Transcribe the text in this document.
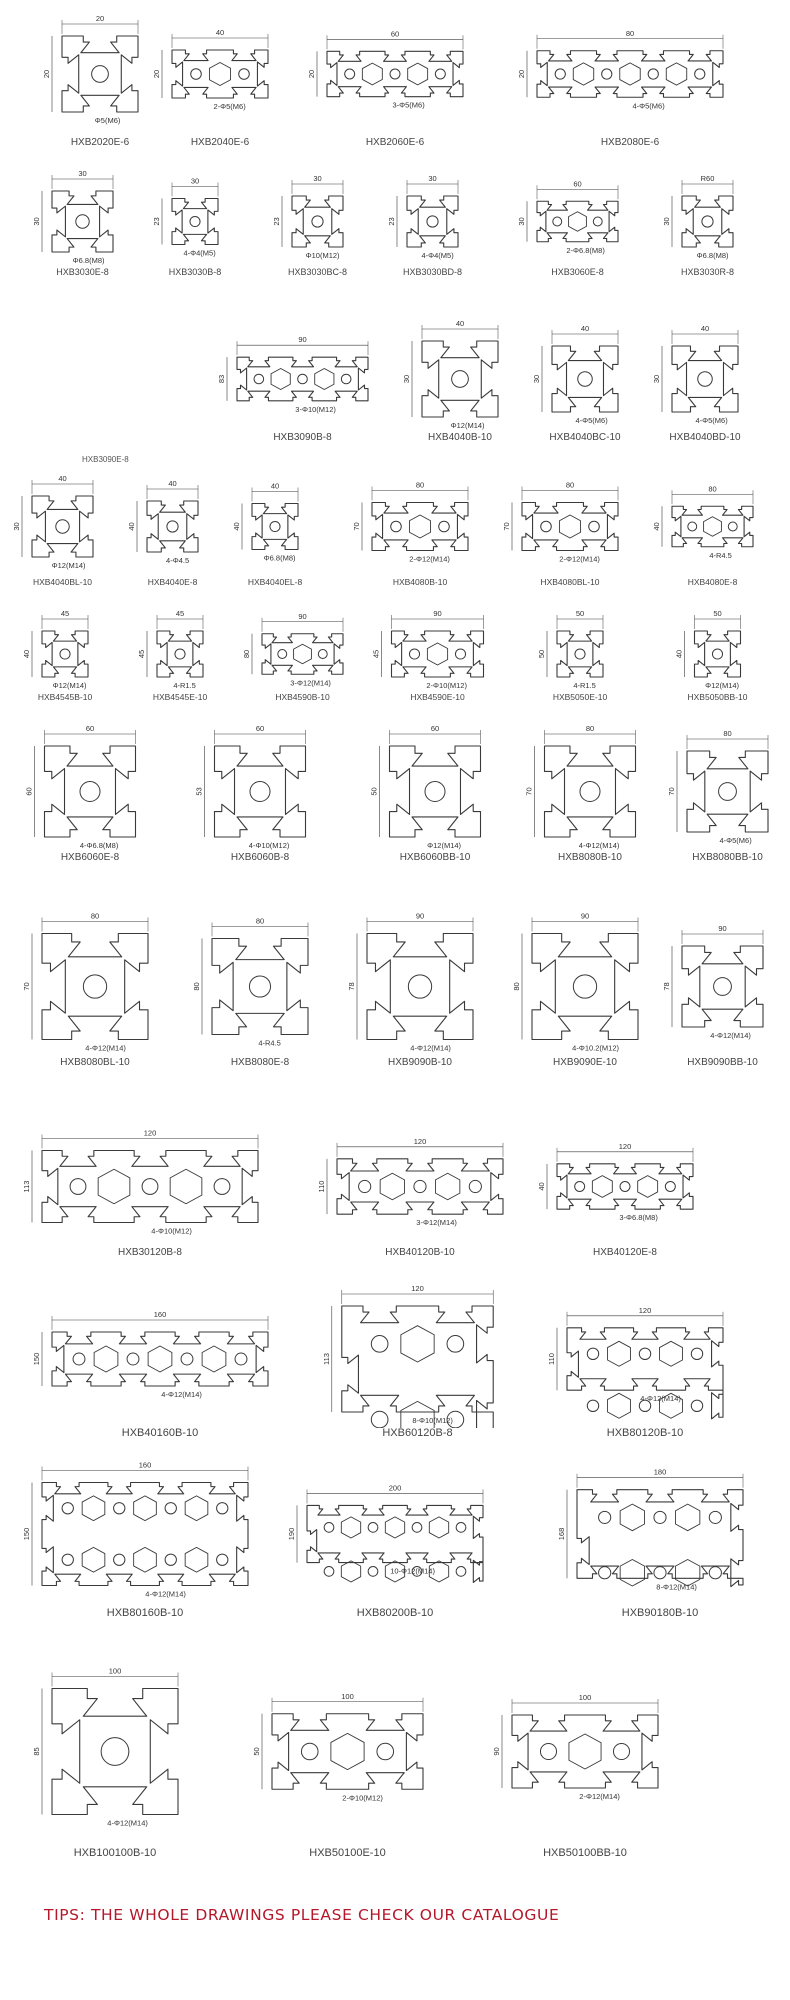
20
20
Φ5(M6)
HXB2020E-6
40
20
2-Φ5(M6)
HXB2040E-6
60
20
3-Φ5(M6)
HXB2060E-6
80
20
4-Φ5(M6)
HXB2080E-6
30
30
Φ6.8(M8)
HXB3030E-8
30
23
4-Φ4(M5)
HXB3030B-8
30
23
Φ10(M12)
HXB3030BC-8
30
23
4-Φ4(M5)
HXB3030BD-8
60
30
2-Φ6.8(M8)
HXB3060E-8
R60
30
Φ6.8(M8)
HXB3030R-8
90
83
3-Φ10(M12)
HXB3090B-8
40
30
Φ12(M14)
HXB4040B-10
40
30
4-Φ5(M6)
HXB4040BC-10
40
30
4-Φ5(M6)
HXB4040BD-10
40
30
Φ12(M14)
HXB4040BL-10
40
40
4-Φ4.5
HXB4040E-8
40
40
Φ6.8(M8)
HXB4040EL-8
80
70
2-Φ12(M14)
HXB4080B-10
80
70
2-Φ12(M14)
HXB4080BL-10
80
40
4-R4.5
HXB4080E-8
45
40
Φ12(M14)
HXB4545B-10
45
45
4-R1.5
HXB4545E-10
90
80
3-Φ12(M14)
HXB4590B-10
90
45
2-Φ10(M12)
HXB4590E-10
50
50
4-R1.5
HXB5050E-10
50
40
Φ12(M14)
HXB5050BB-10
60
60
4-Φ6.8(M8)
HXB6060E-8
60
53
4-Φ10(M12)
HXB6060B-8
60
50
Φ12(M14)
HXB6060BB-10
80
70
4-Φ12(M14)
HXB8080B-10
80
70
4-Φ5(M6)
HXB8080BB-10
80
70
4-Φ12(M14)
HXB8080BL-10
80
80
4-R4.5
HXB8080E-8
90
78
4-Φ12(M14)
HXB9090B-10
90
80
4-Φ10.2(M12)
HXB9090E-10
90
78
4-Φ12(M14)
HXB9090BB-10
120
113
4-Φ10(M12)
HXB30120B-8
120
110
3-Φ12(M14)
HXB40120B-10
120
40
3-Φ6.8(M8)
HXB40120E-8
160
150
4-Φ12(M14)
HXB40160B-10
120
113
8-Φ10(M12)
HXB60120B-8
120
110
4-Φ12(M14)
HXB80120B-10
160
150
4-Φ12(M14)
HXB80160B-10
200
190
10-Φ12(M14)
HXB80200B-10
180
168
8-Φ12(M14)
HXB90180B-10
100
85
4-Φ12(M14)
HXB100100B-10
100
50
2-Φ10(M12)
HXB50100E-10
100
90
2-Φ12(M14)
HXB50100BB-10
HXB3090E-8
TIPS: THE WHOLE DRAWINGS PLEASE CHECK OUR CATALOGUE
